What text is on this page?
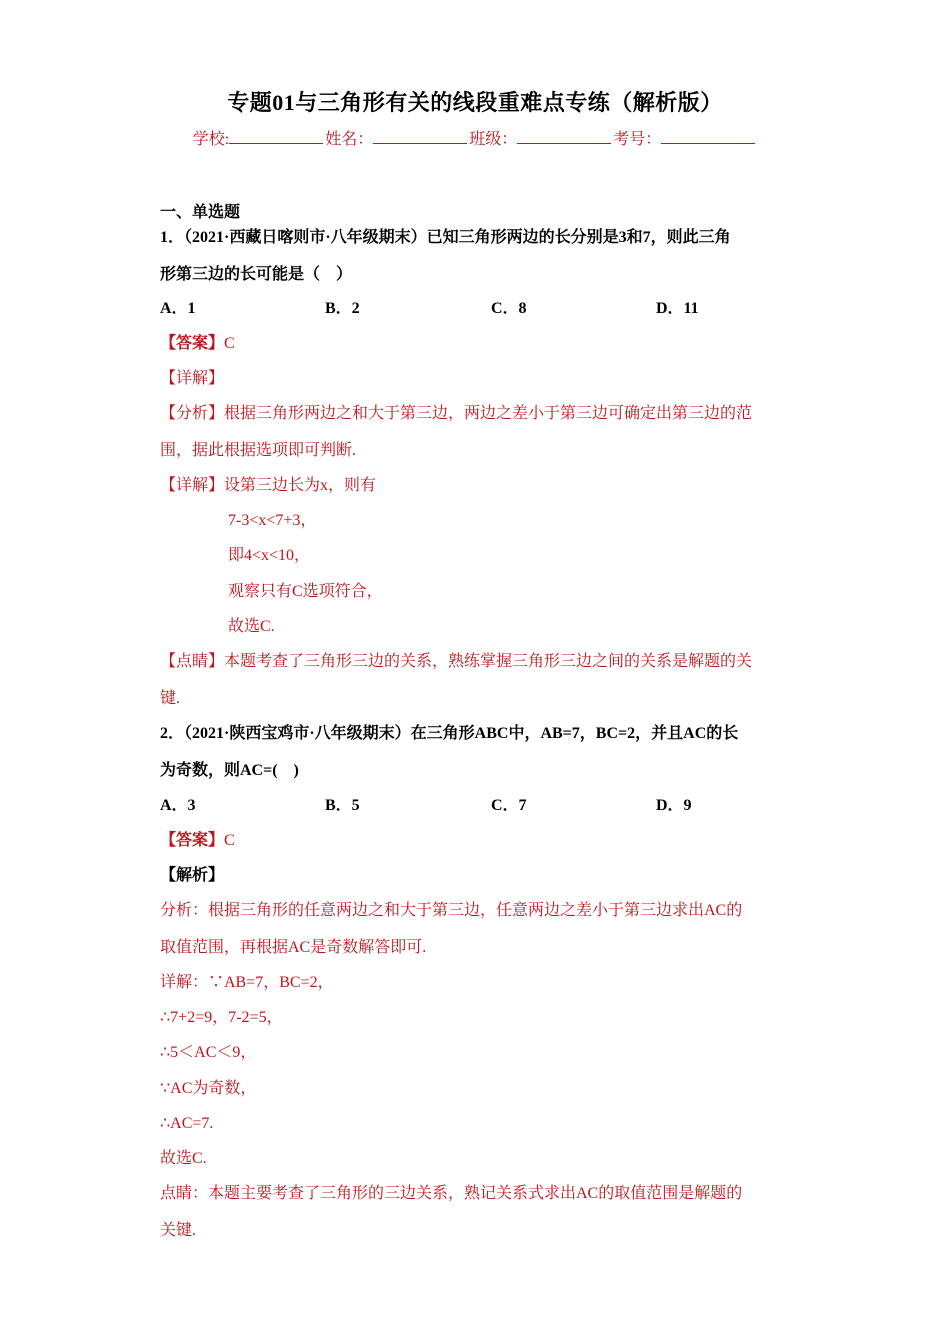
专题01与三角形有关的线段重难点专练（解析版）
学校:	姓名：	班级：	考号：
一、单选题
1．（2021·西藏日喀则市·八年级期末）已知三角形两边的长分别是3和7，则此三角
形第三边的长可能是（　）
A．1	B．2	C．8	D．11
【答案】C
【详解】
【分析】根据三角形两边之和大于第三边，两边之差小于第三边可确定出第三边的范
围，据此根据选项即可判断.
【详解】设第三边长为x，则有
7-3<x<7+3，
即4<x<10，
观察只有C选项符合，
故选C.
【点睛】本题考查了三角形三边的关系，熟练掌握三角形三边之间的关系是解题的关
键.
2．（2021·陕西宝鸡市·八年级期末）在三角形ABC中，AB=7，BC=2，并且AC的长
为奇数，则AC=(　)
A．3	B．5	C．7	D．9
【答案】C
【解析】
分析：根据三角形的任意两边之和大于第三边，任意两边之差小于第三边求出AC的
取值范围，再根据AC是奇数解答即可.
详解：∵AB=7，BC=2，
∴7+2=9，7-2=5，
∴5＜AC＜9，
∵AC为奇数，
∴AC=7.
故选C.
点睛：本题主要考查了三角形的三边关系，熟记关系式求出AC的取值范围是解题的
关键.
